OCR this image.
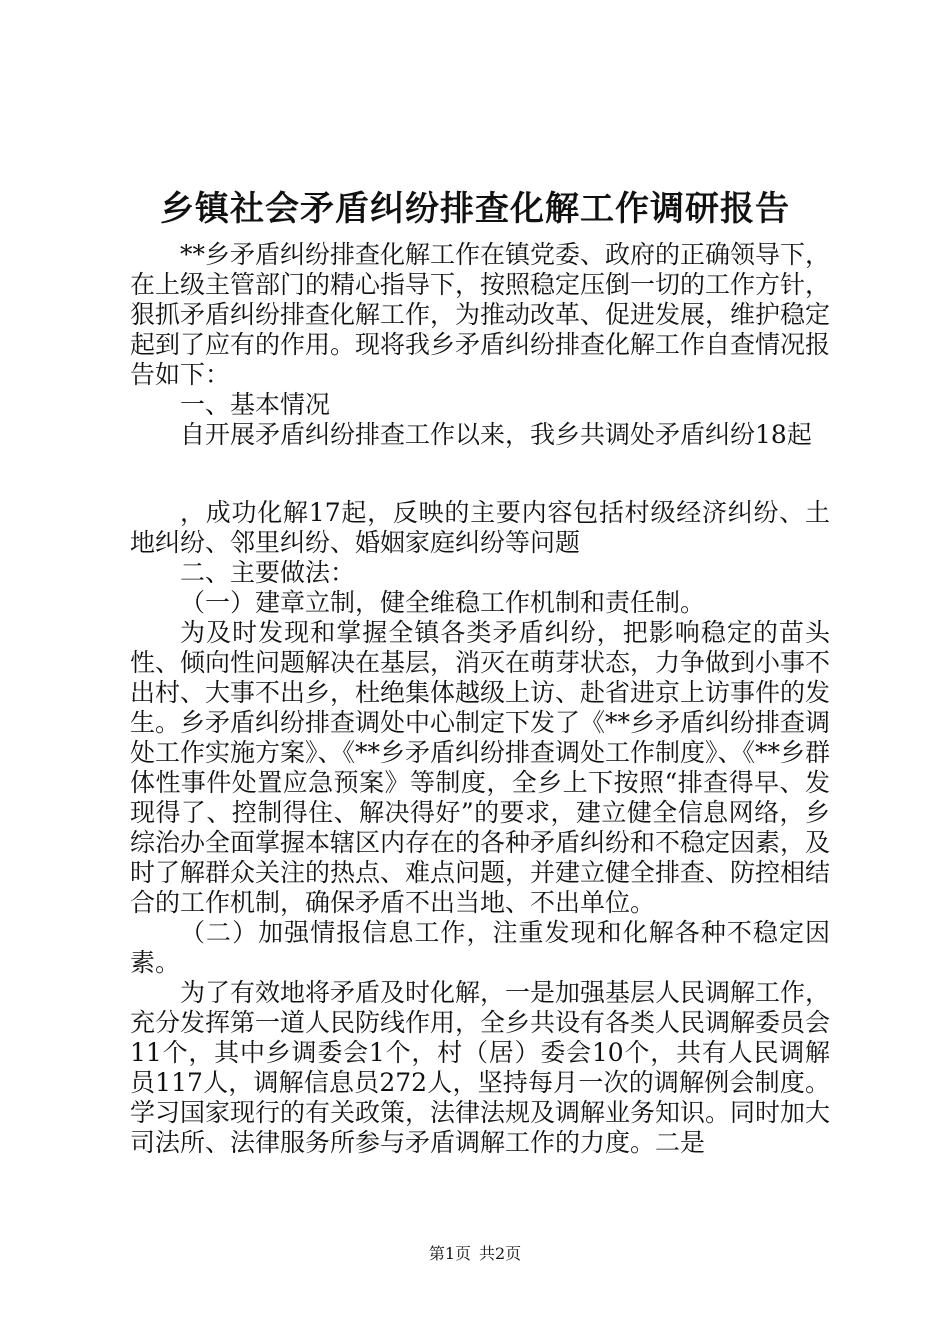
乡镇社会矛盾纠纷排查化解工作调研报告

**乡矛盾纠纷排查化解工作在镇党委、政府的正确领导下，在上级主管部门的精心指导下，按照稳定压倒一切的工作方针，狠抓矛盾纠纷排查化解工作，为推动改革、促进发展，维护稳定起到了应有的作用。现将我乡矛盾纠纷排查化解工作自查情况报告如下：

一、基本情况

自开展矛盾纠纷排查工作以来，我乡共调处矛盾纠纷18起

，成功化解17起，反映的主要内容包括村级经济纠纷、土地纠纷、邻里纠纷、婚姻家庭纠纷等问题

二、主要做法：

（一）建章立制，健全维稳工作机制和责任制。

为及时发现和掌握全镇各类矛盾纠纷，把影响稳定的苗头性、倾向性问题解决在基层，消灭在萌芽状态，力争做到小事不出村、大事不出乡，杜绝集体越级上访、赴省进京上访事件的发生。乡矛盾纠纷排查调处中心制定下发了《**乡矛盾纠纷排查调处工作实施方案》、《**乡矛盾纠纷排查调处工作制度》、《**乡群体性事件处置应急预案》等制度，全乡上下按照“排查得早、发现得了、控制得住、解决得好”的要求，建立健全信息网络，乡综治办全面掌握本辖区内存在的各种矛盾纠纷和不稳定因素，及时了解群众关注的热点、难点问题，并建立健全排查、防控相结合的工作机制，确保矛盾不出当地、不出单位。

（二）加强情报信息工作，注重发现和化解各种不稳定因素。

为了有效地将矛盾及时化解，一是加强基层人民调解工作，充分发挥第一道人民防线作用，全乡共设有各类人民调解委员会11个，其中乡调委会1个，村（居）委会10个，共有人民调解员117人，调解信息员272人，坚持每月一次的调解例会制度。学习国家现行的有关政策，法律法规及调解业务知识。同时加大司法所、法律服务所参与矛盾调解工作的力度。二是

第1页 共2页
